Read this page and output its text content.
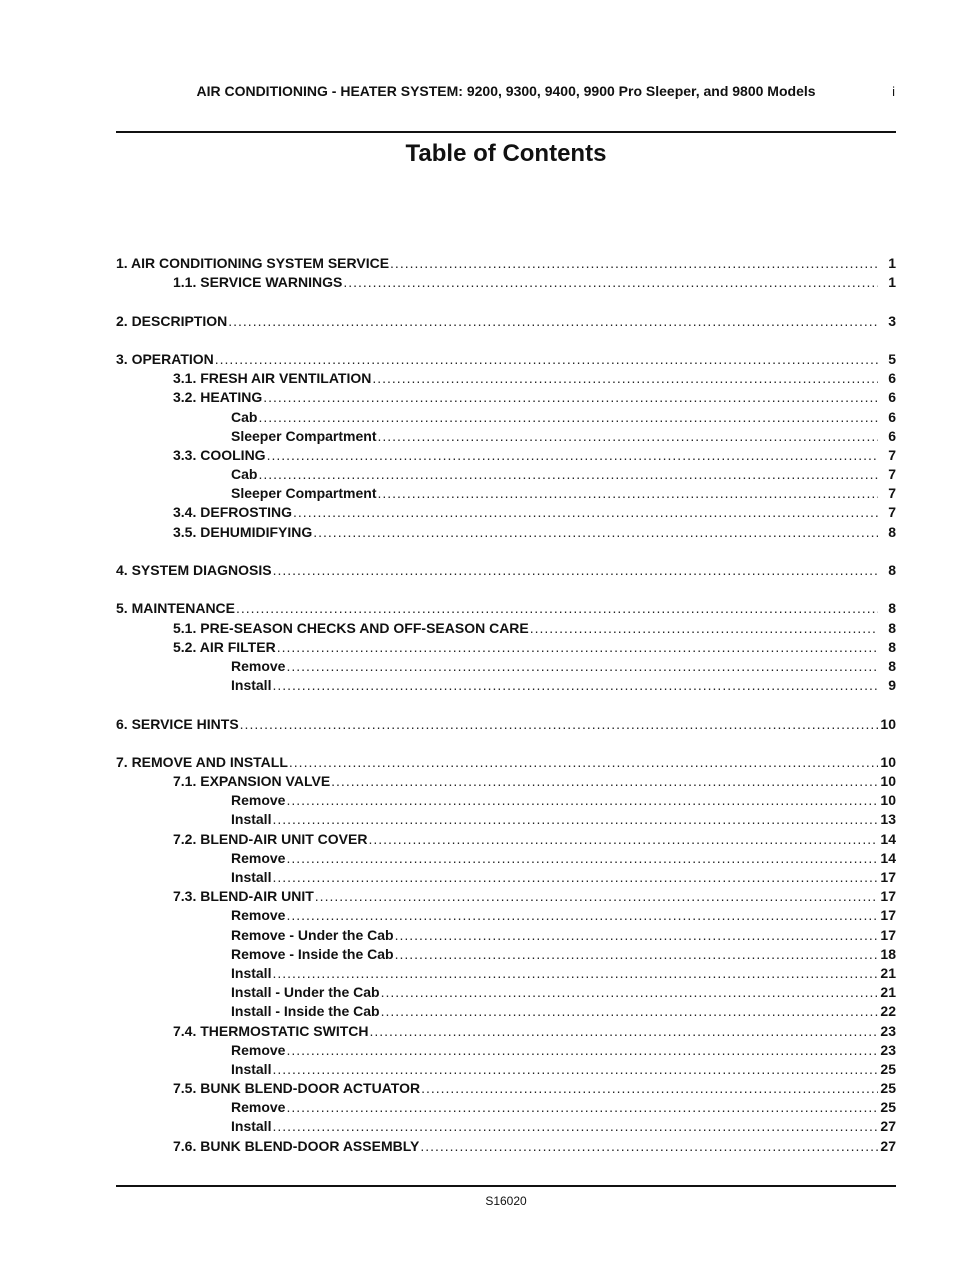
AIR CONDITIONING - HEATER SYSTEM: 9200, 9300, 9400, 9900 Pro Sleeper, and 9800 Models	i
Table of Contents
1. AIR CONDITIONING SYSTEM SERVICE .....	1
1.1. SERVICE WARNINGS .....	1
2. DESCRIPTION .....	3
3. OPERATION .....	5
3.1. FRESH AIR VENTILATION .....	6
3.2. HEATING .....	6
Cab .....	6
Sleeper Compartment .....	6
3.3. COOLING .....	7
Cab .....	7
Sleeper Compartment .....	7
3.4. DEFROSTING .....	7
3.5. DEHUMIDIFYING .....	8
4. SYSTEM DIAGNOSIS .....	8
5. MAINTENANCE .....	8
5.1. PRE-SEASON CHECKS AND OFF-SEASON CARE .....	8
5.2. AIR FILTER .....	8
Remove .....	8
Install .....	9
6. SERVICE HINTS .....	10
7. REMOVE AND INSTALL .....	10
7.1. EXPANSION VALVE .....	10
Remove .....	10
Install .....	13
7.2. BLEND-AIR UNIT COVER .....	14
Remove .....	14
Install .....	17
7.3. BLEND-AIR UNIT .....	17
Remove .....	17
Remove - Under the Cab .....	17
Remove - Inside the Cab .....	18
Install .....	21
Install - Under the Cab .....	21
Install - Inside the Cab .....	22
7.4. THERMOSTATIC SWITCH .....	23
Remove .....	23
Install .....	25
7.5. BUNK BLEND-DOOR ACTUATOR .....	25
Remove .....	25
Install .....	27
7.6. BUNK BLEND-DOOR ASSEMBLY .....	27
S16020
